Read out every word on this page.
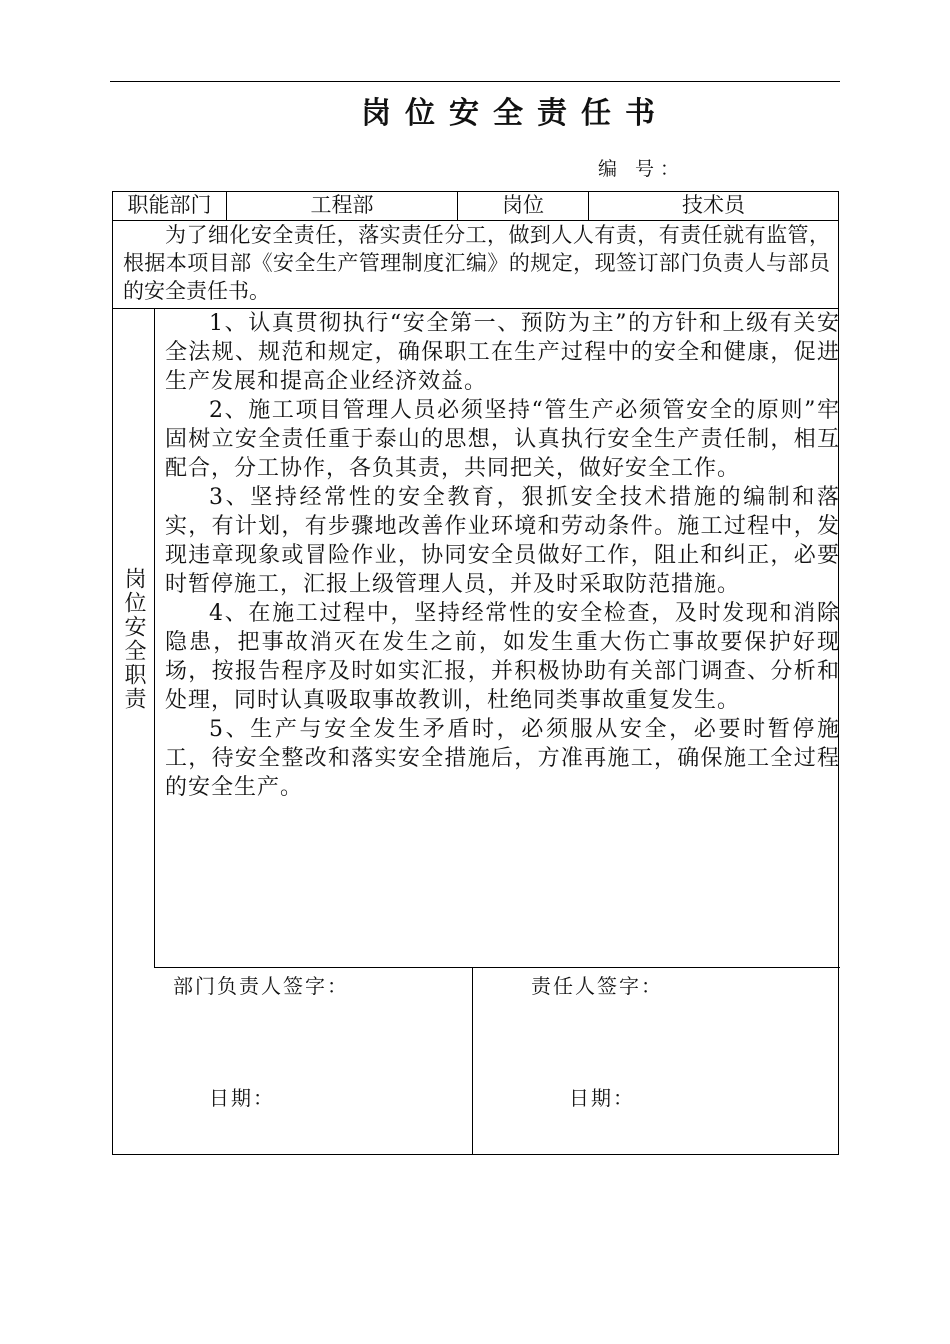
岗位安全责任书
编 号：
职能部门	工程部	岗位	技术员
为了细化安全责任，落实责任分工，做到人人有责，有责任就有监管，根据本项目部《安全生产管理制度汇编》的规定，现签订部门负责人与部员的安全责任书。
岗位安全职责

1、认真贯彻执行“安全第一、预防为主”的方针和上级有关安全法规、规范和规定，确保职工在生产过程中的安全和健康，促进生产发展和提高企业经济效益。

2、施工项目管理人员必须坚持“管生产必须管安全的原则”牢固树立安全责任重于泰山的思想，认真执行安全生产责任制，相互配合，分工协作，各负其责，共同把关，做好安全工作。

3、坚持经常性的安全教育，狠抓安全技术措施的编制和落实，有计划，有步骤地改善作业环境和劳动条件。施工过程中，发现违章现象或冒险作业，协同安全员做好工作，阻止和纠正，必要时暂停施工，汇报上级管理人员，并及时采取防范措施。

4、在施工过程中，坚持经常性的安全检查，及时发现和消除隐患，把事故消灭在发生之前，如发生重大伤亡事故要保护好现场，按报告程序及时如实汇报，并积极协助有关部门调查、分析和处理，同时认真吸取事故教训，杜绝同类事故重复发生。

5、生产与安全发生矛盾时，必须服从安全，必要时暂停施工，待安全整改和落实安全措施后，方准再施工，确保施工全过程的安全生产。

部门负责人签字：
日期：
责任人签字：
日期：
